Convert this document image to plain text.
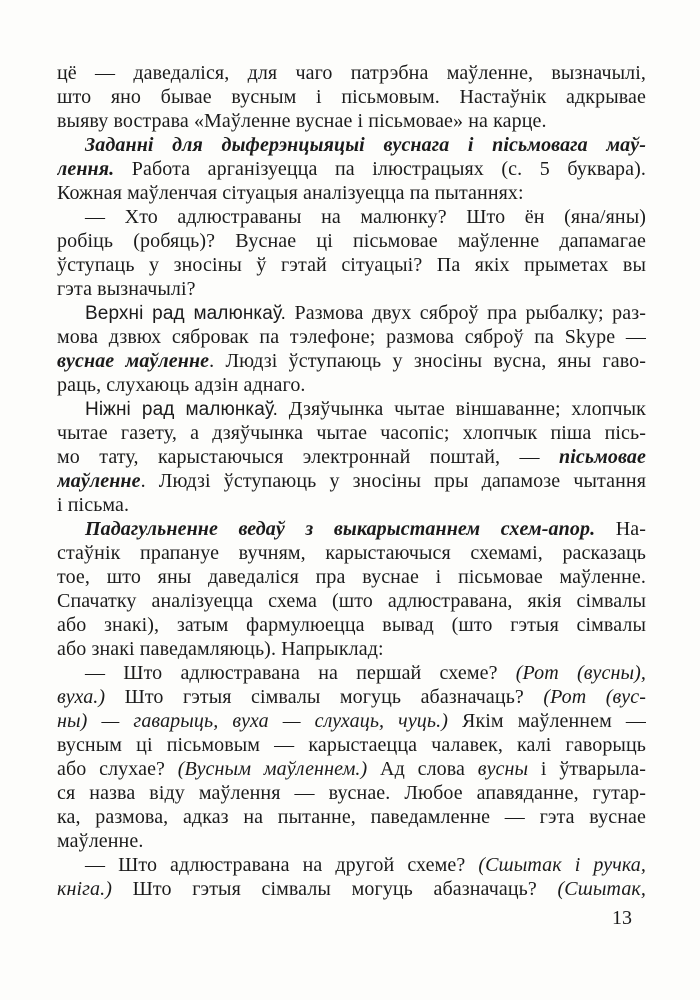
цё — даведаліся, для чаго патрэбна маўленне, вызначылі,
што яно бывае вусным і пісьмовым. Настаўнік адкрывае
выяву вострава «Маўленне вуснае і пісьмовае» на карце.
Заданні для дыферэнцыяцыі вуснага і пісьмовага маў-
лення. Работа арганізуецца па ілюстрацыях (с. 5 буквара).
Кожная маўленчая сітуацыя аналізуецца па пытаннях:
— Хто адлюстраваны на малюнку? Што ён (яна/яны)
робіць (робяць)? Вуснае ці пісьмовае маўленне дапамагае
ўступаць у зносіны ў гэтай сітуацыі? Па якіх прыметах вы
гэта вызначылі?
Верхні рад малюнкаў. Размова двух сяброў пра рыбалку; раз-
мова дзвюх сябровак па тэлефоне; размова сяброў па Skype —
вуснае маўленне. Людзі ўступаюць у зносіны вусна, яны гаво-
раць, слухаюць адзін аднаго.
Ніжні рад малюнкаў. Дзяўчынка чытае віншаванне; хлопчык
чытае газету, а дзяўчынка чытае часопіс; хлопчык піша пісь-
мо тату, карыстаючыся электроннай поштай, — пісьмовае
маўленне. Людзі ўступаюць у зносіны пры дапамозе чытання
і пісьма.
Падагульненне ведаў з выкарыстаннем схем-апор. На-
стаўнік прапануе вучням, карыстаючыся схемамі, расказаць
тое, што яны даведаліся пра вуснае і пісьмовае маўленне.
Спачатку аналізуецца схема (што адлюстравана, якія сімвалы
або знакі), затым фармулюецца вывад (што гэтыя сімвалы
або знакі паведамляюць). Напрыклад:
— Што адлюстравана на першай схеме? (Рот (вусны),
вуха.) Што гэтыя сімвалы могуць абазначаць? (Рот (вус-
ны) — гаварыць, вуха — слухаць, чуць.) Якім маўленнем —
вусным ці пісьмовым — карыстаецца чалавек, калі гаворыць
або слухае? (Вусным маўленнем.) Ад слова вусны і ўтварыла-
ся назва віду маўлення — вуснае. Любое апавяданне, гутар-
ка, размова, адказ на пытанне, паведамленне — гэта вуснае
маўленне.
— Што адлюстравана на другой схеме? (Сшытак і ручка,
кніга.) Што гэтыя сімвалы могуць абазначаць? (Сшытак,
13
